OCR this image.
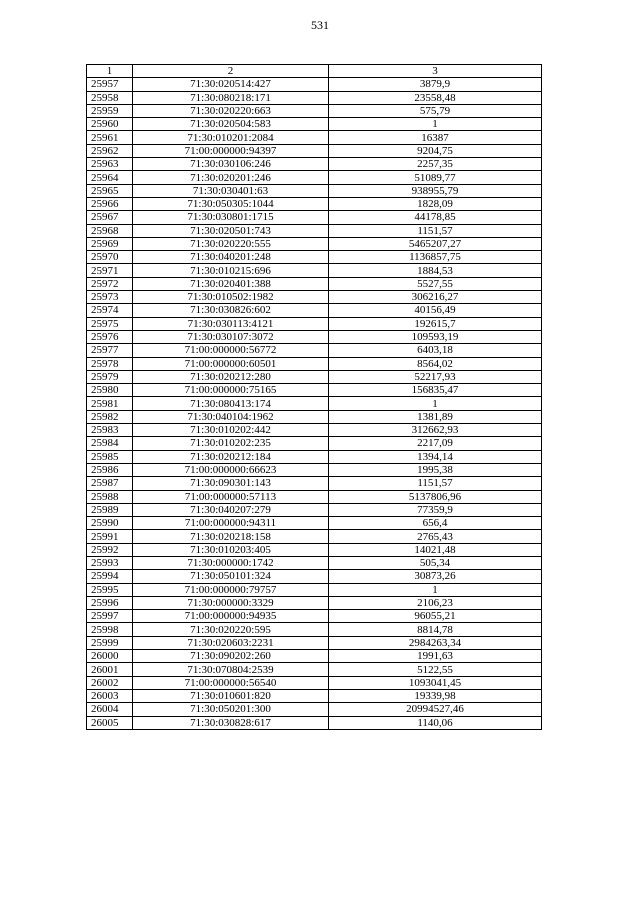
531
1	2	3
25957	71:30:020514:427	3879,9
25958	71:30:080218:171	23558,48
25959	71:30:020220:663	575,79
25960	71:30:020504:583	1
25961	71:30:010201:2084	16387
25962	71:00:000000:94397	9204,75
25963	71:30:030106:246	2257,35
25964	71:30:020201:246	51089,77
25965	71:30:030401:63	938955,79
25966	71:30:050305:1044	1828,09
25967	71:30:030801:1715	44178,85
25968	71:30:020501:743	1151,57
25969	71:30:020220:555	5465207,27
25970	71:30:040201:248	1136857,75
25971	71:30:010215:696	1884,53
25972	71:30:020401:388	5527,55
25973	71:30:010502:1982	306216,27
25974	71:30:030826:602	40156,49
25975	71:30:030113:4121	192615,7
25976	71:30:030107:3072	109593,19
25977	71:00:000000:56772	6403,18
25978	71:00:000000:60501	8564,02
25979	71:30:020212:280	52217,93
25980	71:00:000000:75165	156835,47
25981	71:30:080413:174	1
25982	71:30:040104:1962	1381,89
25983	71:30:010202:442	312662,93
25984	71:30:010202:235	2217,09
25985	71:30:020212:184	1394,14
25986	71:00:000000:66623	1995,38
25987	71:30:090301:143	1151,57
25988	71:00:000000:57113	5137806,96
25989	71:30:040207:279	77359,9
25990	71:00:000000:94311	656,4
25991	71:30:020218:158	2765,43
25992	71:30:010203:405	14021,48
25993	71:30:000000:1742	505,34
25994	71:30:050101:324	30873,26
25995	71:00:000000:79757	1
25996	71:30:000000:3329	2106,23
25997	71:00:000000:94935	96055,21
25998	71:30:020220:595	8814,78
25999	71:30:020603:2231	2984263,34
26000	71:30:090202:260	1991,63
26001	71:30:070804:2539	5122,55
26002	71:00:000000:56540	1093041,45
26003	71:30:010601:820	19339,98
26004	71:30:050201:300	20994527,46
26005	71:30:030828:617	1140,06
